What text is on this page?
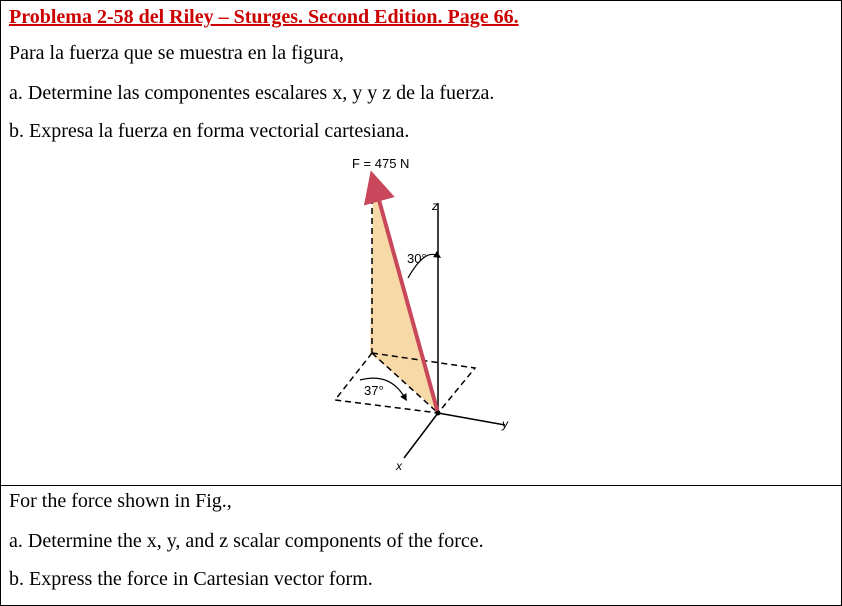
Problema 2-58 del Riley – Sturges. Second Edition. Page 66.
Para la fuerza que se muestra en la figura,
a. Determine las componentes escalares x, y y z de la fuerza.
b. Expresa la fuerza en forma vectorial cartesiana.
F = 475 N
30°
37°
z
y
x
For the force shown in Fig.,
a. Determine the x, y, and z scalar components of the force.
b. Express the force in Cartesian vector form.
